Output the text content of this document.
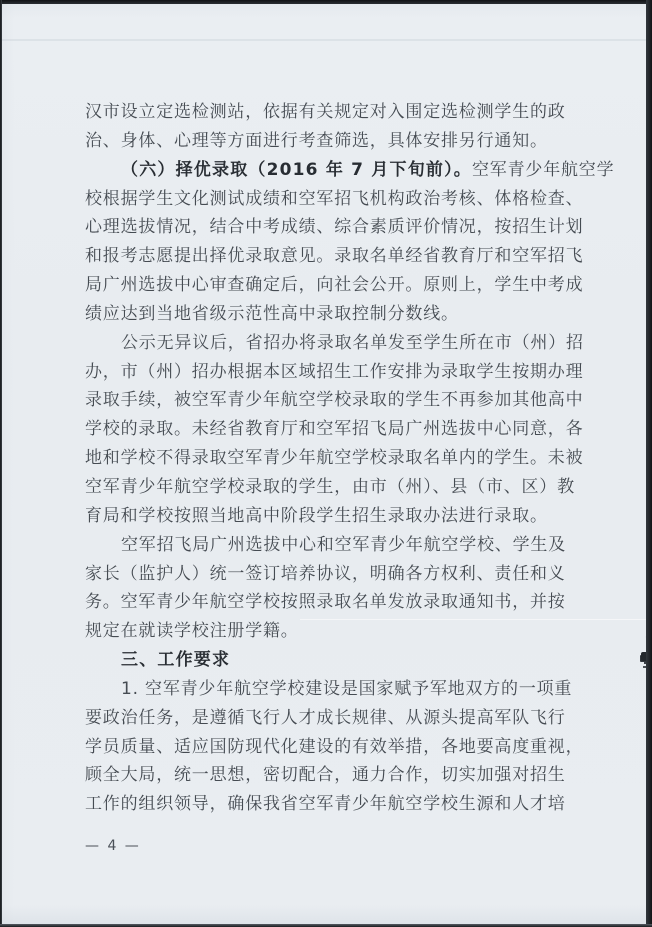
汉市设立定选检测站，依据有关规定对入围定选检测学生的政
治、身体、心理等方面进行考查筛选，具体安排另行通知。
（六）择优录取（2016 年 7 月下旬前）。空军青少年航空学
校根据学生文化测试成绩和空军招飞机构政治考核、体格检查、
心理选拔情况，结合中考成绩、综合素质评价情况，按招生计划
和报考志愿提出择优录取意见。录取名单经省教育厅和空军招飞
局广州选拔中心审查确定后，向社会公开。原则上，学生中考成
绩应达到当地省级示范性高中录取控制分数线。
公示无异议后，省招办将录取名单发至学生所在市（州）招
办，市（州）招办根据本区域招生工作安排为录取学生按期办理
录取手续，被空军青少年航空学校录取的学生不再参加其他高中
学校的录取。未经省教育厅和空军招飞局广州选拔中心同意，各
地和学校不得录取空军青少年航空学校录取名单内的学生。未被
空军青少年航空学校录取的学生，由市（州）、县（市、区）教
育局和学校按照当地高中阶段学生招生录取办法进行录取。
空军招飞局广州选拔中心和空军青少年航空学校、学生及
家长（监护人）统一签订培养协议，明确各方权利、责任和义
务。空军青少年航空学校按照录取名单发放录取通知书，并按
规定在就读学校注册学籍。
三、工作要求
1. 空军青少年航空学校建设是国家赋予军地双方的一项重
要政治任务，是遵循飞行人才成长规律、从源头提高军队飞行
学员质量、适应国防现代化建设的有效举措，各地要高度重视，
顾全大局，统一思想，密切配合，通力合作，切实加强对招生
工作的组织领导，确保我省空军青少年航空学校生源和人才培
— 4 —
